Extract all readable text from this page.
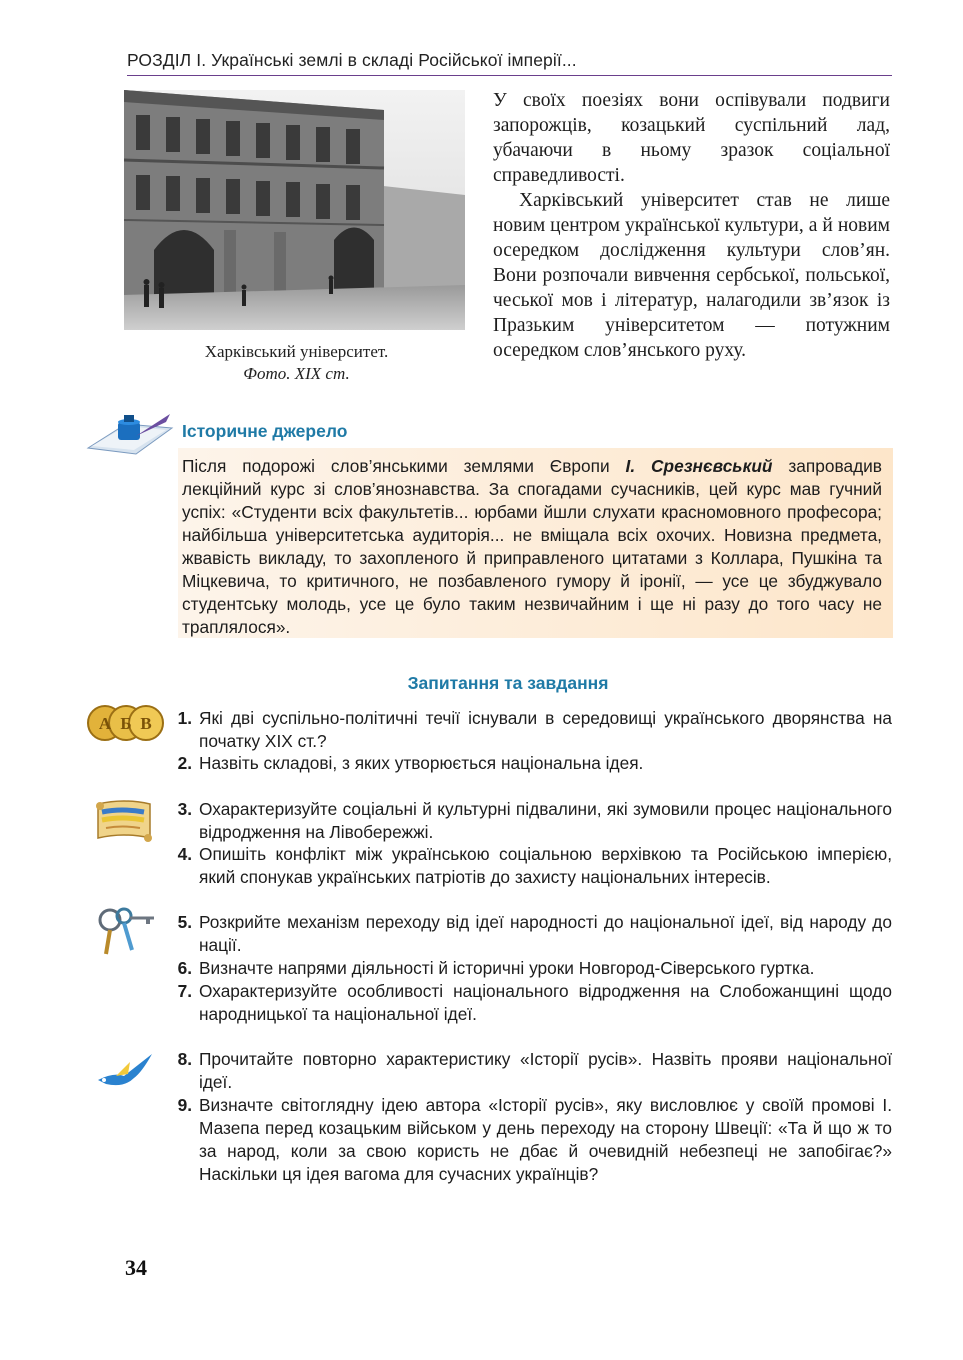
РОЗДІЛ І. Українські землі в складі Російської імперії...
Харківський університет.
Фото. XIX ст.

У своїх поезіях вони оспівували подвиги запорожців, козацький суспільний лад, убачаючи в ньому зразок соціальної справедливості.

Харківський університет став не лише новим центром української культури, а й новим осередком дослідження культури слов’ян. Вони розпочали вивчення сербської, польської, чеської мов і літератур, налагодили зв’язок із Празьким університетом — потужним осередком слов’янського руху.

Історичне джерело
Після подорожі слов’янськими землями Європи І. Срезнєвський запровадив лекційний курс зі слов’янознавства. За спогадами сучасників, цей курс мав гучний успіх: «Студенти всіх факультетів... юрбами йшли слухати красномовного професора; найбільша університетська аудиторія... не вміщала всіх охочих. Новизна предмета, жвавість викладу, то захопленого й приправленого цитатами з Коллара, Пушкіна та Міцкевича, то критичного, не позбавленого гумору й іронії, — усе це збуджувало студентську молодь, усе це було таким незвичайним і ще ні разу до того часу не траплялося».
Запитання та завдання
А Б В	1. Які дві суспільно-політичні течії існували в середовищі українського дворянства на початку XIX ст.?
2. Назвіть складові, з яких утворюється національна ідея.
3. Охарактеризуйте соціальні й культурні підвалини, які зумовили процес національного відродження на Лівобережжі.
4. Опишіть конфлікт між українською соціальною верхівкою та Російською імперією, який спонукав українських патріотів до захисту національних інтересів.
5. Розкрийте механізм переходу від ідеї народності до національної ідеї, від народу до нації.
6. Визначте напрями діяльності й історичні уроки Новгород-Сіверського гуртка.
7. Охарактеризуйте особливості національного відродження на Слобожанщині щодо народницької та національної ідеї.
8. Прочитайте повторно характеристику «Історії русів». Назвіть прояви національної ідеї.
9. Визначте світоглядну ідею автора «Історії русів», яку висловлює у своїй промові І. Мазепа перед козацьким військом у день переходу на сторону Швеції: «Та й що ж то за народ, коли за свою користь не дбає й очевидній небезпеці не запобігає?» Наскільки ця ідея вагома для сучасних українців?
34
